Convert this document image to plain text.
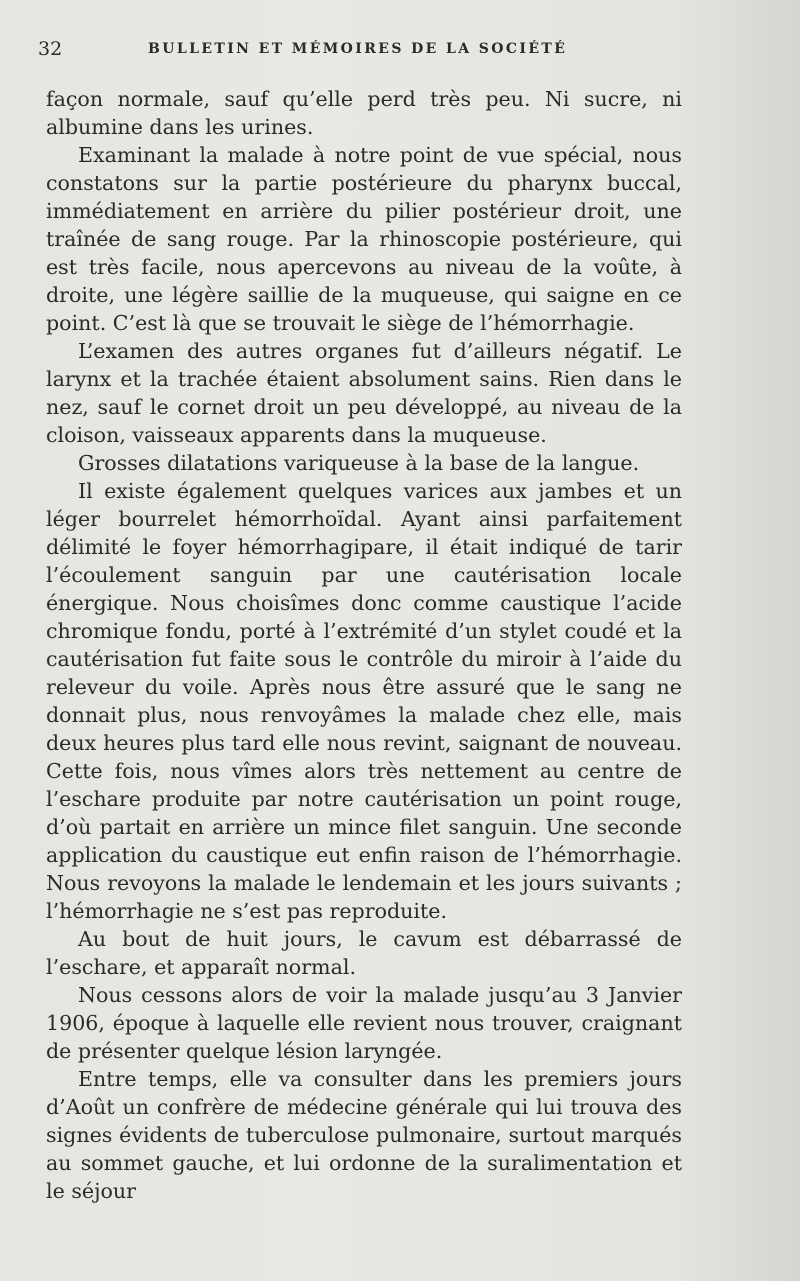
32	BULLETIN ET MÉMOIRES DE LA SOCIÉTÉ

façon normale, sauf qu’elle perd très peu. Ni sucre, ni albumine dans les urines.

Examinant la malade à notre point de vue spécial, nous constatons sur la partie postérieure du pharynx buccal, immédiatement en arrière du pilier postérieur droit, une traînée de sang rouge. Par la rhinoscopie postérieure, qui est très facile, nous apercevons au niveau de la voûte, à droite, une légère saillie de la muqueuse, qui saigne en ce point. C’est là que se trouvait le siège de l’hémorrhagie.

L’examen des autres organes fut d’ailleurs négatif. Le larynx et la trachée étaient absolument sains. Rien dans le nez, sauf le cornet droit un peu développé, au niveau de la cloison, vaisseaux apparents dans la muqueuse.

Grosses dilatations variqueuse à la base de la langue.

Il existe également quelques varices aux jambes et un léger bourrelet hémorrhoïdal. Ayant ainsi parfaitement délimité le foyer hémorrhagipare, il était indiqué de tarir l’écoulement sanguin par une cautérisation locale énergique. Nous choisîmes donc comme caustique l’acide chromique fondu, porté à l’extrémité d’un stylet coudé et la cautérisation fut faite sous le contrôle du miroir à l’aide du releveur du voile. Après nous être assuré que le sang ne donnait plus, nous renvoyâmes la malade chez elle, mais deux heures plus tard elle nous revint, saignant de nouveau. Cette fois, nous vîmes alors très nettement au centre de l’eschare produite par notre cautérisation un point rouge, d’où partait en arrière un mince filet sanguin. Une seconde application du caustique eut enfin raison de l’hémorrhagie. Nous revoyons la malade le lendemain et les jours suivants ; l’hémorrhagie ne s’est pas reproduite.

Au bout de huit jours, le cavum est débarrassé de l’eschare, et apparaît normal.

Nous cessons alors de voir la malade jusqu’au 3 Janvier 1906, époque à laquelle elle revient nous trouver, craignant de présenter quelque lésion laryngée.

Entre temps, elle va consulter dans les premiers jours d’Août un confrère de médecine générale qui lui trouva des signes évidents de tuberculose pulmonaire, surtout marqués au sommet gauche, et lui ordonne de la suralimentation et le séjour
